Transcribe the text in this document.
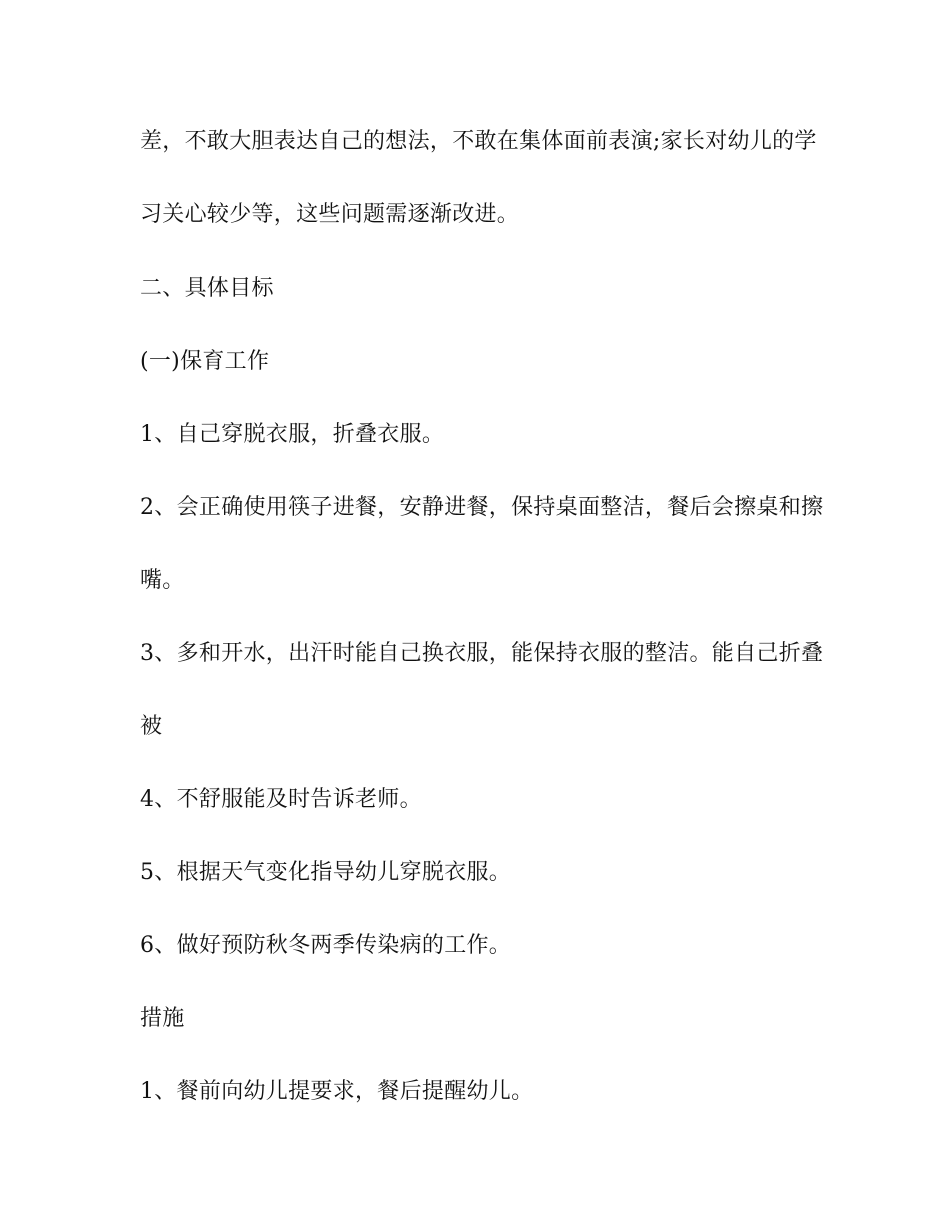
差，不敢大胆表达自己的想法，不敢在集体面前表演;家长对幼儿的学
习关心较少等，这些问题需逐渐改进。
二、具体目标
(一)保育工作
1、自己穿脱衣服，折叠衣服。
2、会正确使用筷子进餐，安静进餐，保持桌面整洁，餐后会擦桌和擦
嘴。
3、多和开水，出汗时能自己换衣服，能保持衣服的整洁。能自己折叠
被
4、不舒服能及时告诉老师。
5、根据天气变化指导幼儿穿脱衣服。
6、做好预防秋冬两季传染病的工作。
措施
1、餐前向幼儿提要求，餐后提醒幼儿。
